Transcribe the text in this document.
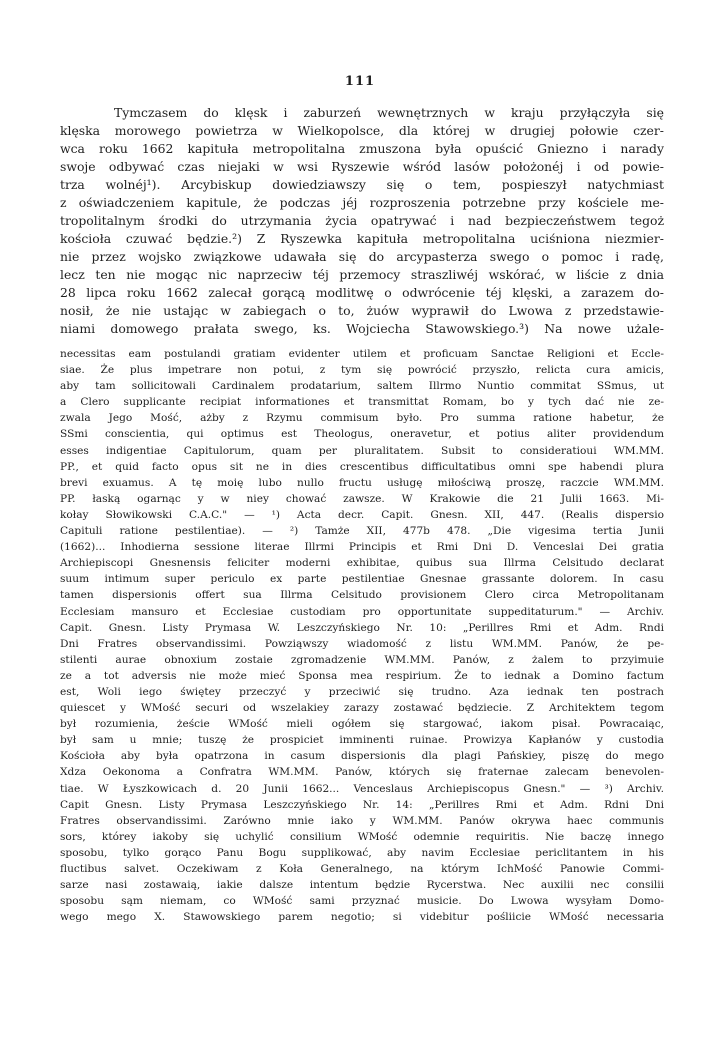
111
Tymczasem do klęsk i zaburzeń wewnętrznych w kraju przyłączyła się
klęska morowego powietrza w Wielkopolsce, dla której w drugiej połowie czer-
wca roku 1662 kapituła metropolitalna zmuszona była opuścić Gniezno i narady
swoje odbywać czas niejaki w wsi Ryszewie wśród lasów położonéj i od powie-
trza wolnéj¹). Arcybiskup dowiedziawszy się o tem, pospieszył natychmiast
z oświadczeniem kapitule, że podczas jéj rozproszenia potrzebne przy kościele me-
tropolitalnym środki do utrzymania życia opatrywać i nad bezpieczeństwem tegoż
kościoła czuwać będzie.²) Z Ryszewka kapituła metropolitalna uciśniona niezmier-
nie przez wojsko związkowe udawała się do arcypasterza swego o pomoc i radę,
lecz ten nie mogąc nic naprzeciw téj przemocy straszliwéj wskórać, w liście z dnia
28 lipca roku 1662 zalecał gorącą modlitwę o odwrócenie téj klęski, a zarazem do-
nosił, że nie ustając w zabiegach o to, żuów wyprawił do Lwowa z przedstawie-
niami domowego prałata swego, ks. Wojciecha Stawowskiego.³) Na nowe użale-
necessitas eam postulandi gratiam evidenter utilem et proficuam Sanctae Religioni et Eccle-
siae. Że plus impetrare non potui, z tym się powrócić przyszło, relicta cura amicis,
aby tam sollicitowali Cardinalem prodatarium, saltem Illrmo Nuntio commitat SSmus, ut
a Clero supplicante recipiat informationes et transmittat Romam, bo y tych dać nie ze-
zwala Jego Mość, ażby z Rzymu commisum było. Pro summa ratione habetur, że
SSmi conscientia, qui optimus est Theologus, oneravetur, et potius aliter providendum
esses indigentiae Capitulorum, quam per pluralitatem. Subsit to consideratioui WM.MM.
PP., et quid facto opus sit ne in dies crescentibus difficultatibus omni spe habendi plura
brevi exuamus. A tę moię lubo nullo fructu usługę miłościwą proszę, raczcie WM.MM.
PP. łaską ogarnąc y w niey chować zawsze. W Krakowie die 21 Julii 1663. Mi-
kołay Słowikowski C.A.C." — ¹) Acta decr. Capit. Gnesn. XII, 447. (Realis dispersio
Capituli ratione pestilentiae). — ²) Tamże XII, 477b 478. „Die vigesima tertia Junii
(1662)... Inhodierna sessione literae Illrmi Principis et Rmi Dni D. Venceslai Dei gratia
Archiepiscopi Gnesnensis feliciter moderni exhibitae, quibus sua Illrma Celsitudo declarat
suum intimum super periculo ex parte pestilentiae Gnesnae grassante dolorem. In casu
tamen dispersionis offert sua Illrma Celsitudo provisionem Clero circa Metropolitanam
Ecclesiam mansuro et Ecclesiae custodiam pro opportunitate suppeditaturum." — Archiv.
Capit. Gnesn. Listy Prymasa W. Leszczyńskiego Nr. 10: „Perillres Rmi et Adm. Rndi
Dni Fratres observandissimi. Powziąwszy wiadomość z listu WM.MM. Panów, że pe-
stilenti aurae obnoxium zostaie zgromadzenie WM.MM. Panów, z żalem to przyimuie
ze a tot adversis nie może mieć Sponsa mea respirium. Że to iednak a Domino factum
est, Woli iego świętey przeczyć y przeciwić się trudno. Aza iednak ten postrach
quiescet y WMość securi od wszelakiey zarazy zostawać będziecie. Z Architektem tegom
był rozumienia, żeście WMość mieli ogółem się stargować, iakom pisał. Powracaiąc,
był sam u mnie; tuszę że prospiciet imminenti ruinae. Prowizya Kapłanów y custodia
Kościoła aby była opatrzona in casum dispersionis dla plagi Pańskiey, piszę do mego
Xdza Oekonoma a Confratra WM.MM. Panów, których się fraternae zalecam benevolen-
tiae. W Łyszkowicach d. 20 Junii 1662... Venceslaus Archiepiscopus Gnesn." — ³) Archiv.
Capit Gnesn. Listy Prymasa Leszczyńskiego Nr. 14: „Perillres Rmi et Adm. Rdni Dni
Fratres observandissimi. Zarówno mnie iako y WM.MM. Panów okrywa haec communis
sors, którey iakoby się uchylić consilium WMość odemnie requiritis. Nie baczę innego
sposobu, tylko gorąco Panu Bogu supplikować, aby navim Ecclesiae periclitantem in his
fluctibus salvet. Oczekiwam z Koła Generalnego, na którym IchMość Panowie Commi-
sarze nasi zostawaią, iakie dalsze intentum będzie Rycerstwa. Nec auxilii nec consilii
sposobu sąm niemam, co WMość sami przyznać musicie. Do Lwowa wysyłam Domo-
wego mego X. Stawowskiego parem negotio; si videbitur pośliicie WMość necessaria
